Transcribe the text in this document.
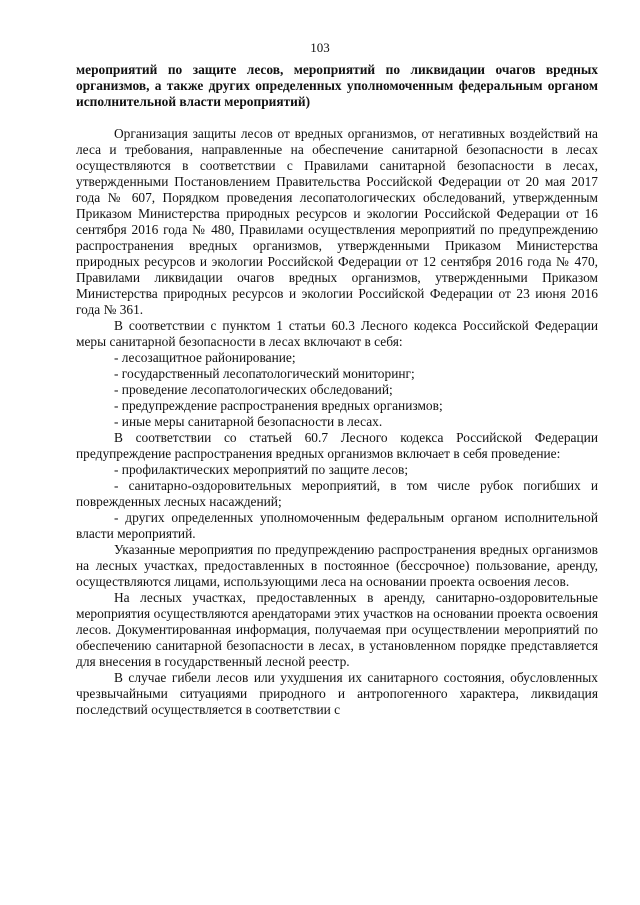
103

мероприятий по защите лесов, мероприятий по ликвидации очагов вредных организмов, а также других определенных уполномоченным федеральным органом исполнительной власти мероприятий)

Организация защиты лесов от вредных организмов, от негативных воздействий на леса и требования, направленные на обеспечение санитарной безопасности в лесах осуществляются в соответствии с Правилами санитарной безопасности в лесах, утвержденными Постановлением Правительства Российской Федерации от 20 мая 2017 года № 607, Порядком проведения лесопатологических обследований, утвержденным Приказом Министерства природных ресурсов и экологии Российской Федерации от 16 сентября 2016 года № 480, Правилами осуществления мероприятий по предупреждению распространения вредных организмов, утвержденными Приказом Министерства природных ресурсов и экологии Российской Федерации от 12 сентября 2016 года № 470, Правилами ликвидации очагов вредных организмов, утвержденными Приказом Министерства природных ресурсов и экологии Российской Федерации от 23 июня 2016 года № 361.

В соответствии с пунктом 1 статьи 60.3 Лесного кодекса Российской Федерации меры санитарной безопасности в лесах включают в себя:

- лесозащитное районирование;

- государственный лесопатологический мониторинг;

- проведение лесопатологических обследований;

- предупреждение распространения вредных организмов;

- иные меры санитарной безопасности в лесах.

В соответствии со статьей 60.7 Лесного кодекса Российской Федерации предупреждение распространения вредных организмов включает в себя проведение:

- профилактических мероприятий по защите лесов;

- санитарно-оздоровительных мероприятий, в том числе рубок погибших и поврежденных лесных насаждений;

- других определенных уполномоченным федеральным органом исполнительной власти мероприятий.

Указанные мероприятия по предупреждению распространения вредных организмов на лесных участках, предоставленных в постоянное (бессрочное) пользование, аренду, осуществляются лицами, использующими леса на основании проекта освоения лесов.

На лесных участках, предоставленных в аренду, санитарно-оздоровительные мероприятия осуществляются арендаторами этих участков на основании проекта освоения лесов. Документированная информация, получаемая при осуществлении мероприятий по обеспечению санитарной безопасности в лесах, в установленном порядке представляется для внесения в государственный лесной реестр.

В случае гибели лесов или ухудшения их санитарного состояния, обусловленных чрезвычайными ситуациями природного и антропогенного характера, ликвидация последствий осуществляется в соответствии с
